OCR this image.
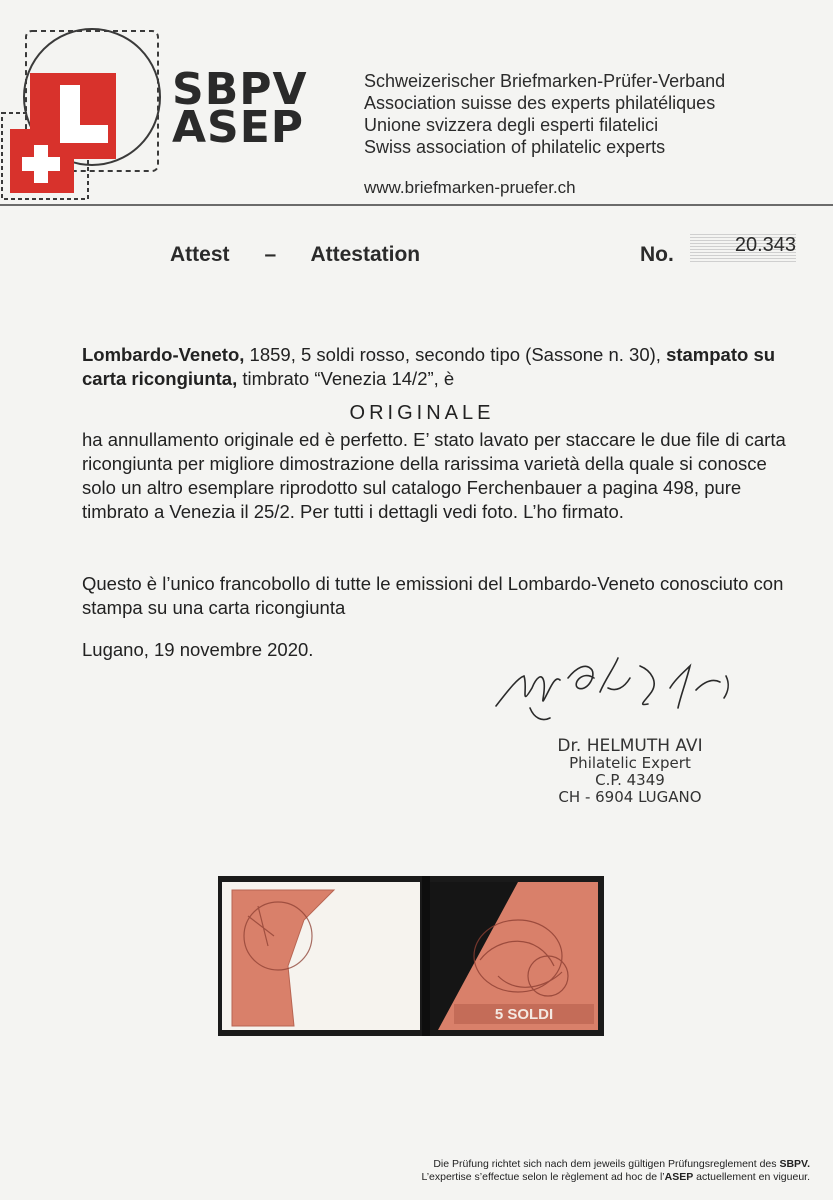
SBPV
ASEP
Schweizerischer Briefmarken-Prüfer-Verband
Association suisse des experts philatéliques
Unione svizzera degli esperti filatelici
Swiss association of philatelic experts
www.briefmarken-pruefer.ch
Attest – Attestation	No.	20.343
Lombardo-Veneto, 1859, 5 soldi rosso, secondo tipo (Sassone n. 30), stampato su carta ricongiunta, timbrato “Venezia 14/2”, è
ORIGINALE
ha annullamento originale ed è perfetto. E’ stato lavato per staccare le due file di carta ricongiunta per migliore dimostrazione della rarissima varietà della quale si conosce solo un altro esemplare riprodotto sul catalogo Ferchenbauer a pagina 498, pure timbrato a Venezia il 25/2. Per tutti i dettagli vedi foto. L’ho firmato.
Questo è l’unico francobollo di tutte le emissioni del Lombardo-Veneto conosciuto con stampa su una carta ricongiunta
Lugano, 19 novembre 2020.
Dr. HELMUTH AVI
Philatelic Expert
C.P. 4349
CH - 6904 LUGANO
5 SOLDI
Die Prüfung richtet sich nach dem jeweils gültigen Prüfungsreglement des SBPV.
L’expertise s’effectue selon le règlement ad hoc de l’ASEP actuellement en vigueur.
